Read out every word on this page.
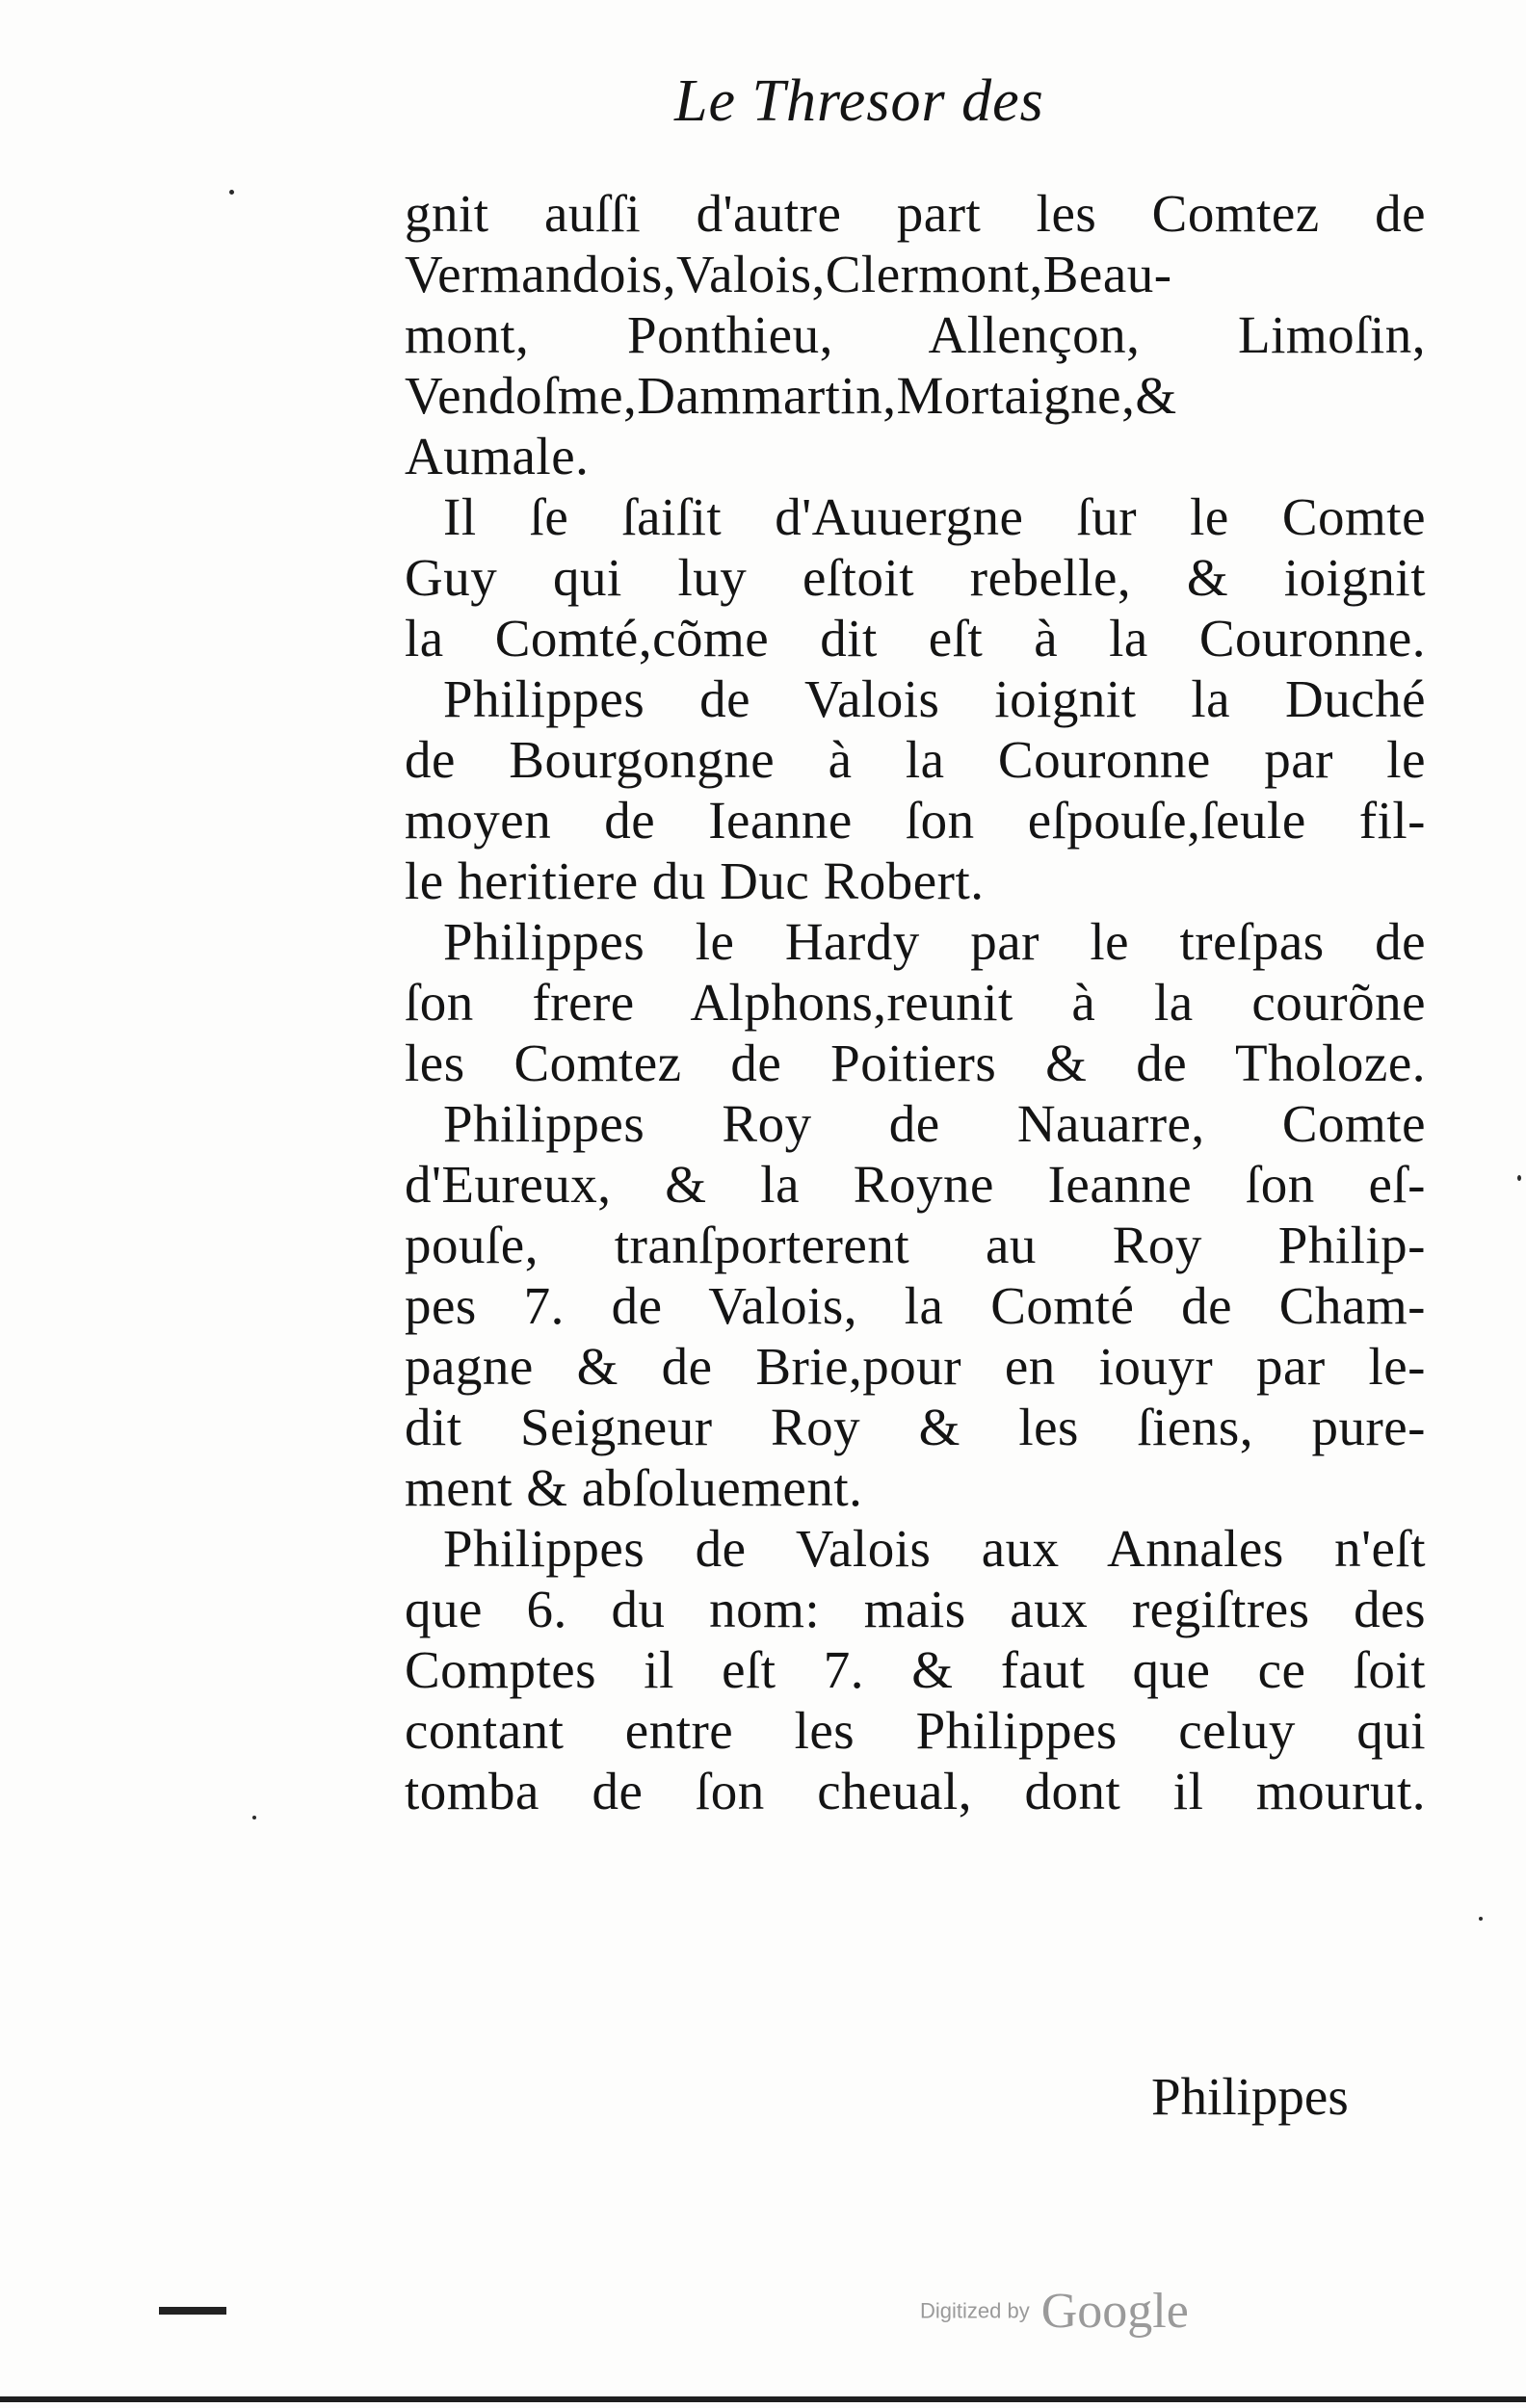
Le Thresor des
gnit auſſi d'autre part les Comtez de
Vermandois,Valois,Clermont,Beau-
mont, Ponthieu, Allençon, Limoſin,
Vendoſme,Dammartin,Mortaigne,&
Aumale.
Il ſe ſaiſit d'Auuergne ſur le Comte
Guy qui luy eſtoit rebelle, & ioignit
la Comté,cõme dit eſt à la Couronne.
Philippes de Valois ioignit la Duché
de Bourgongne à la Couronne par le
moyen de Ieanne ſon eſpouſe,ſeule fil-
le heritiere du Duc Robert.
Philippes le Hardy par le treſpas de
ſon frere Alphons,reunit à la courõne
les Comtez de Poitiers & de Tholoze.
Philippes Roy de Nauarre, Comte
d'Eureux, & la Royne Ieanne ſon eſ-
pouſe, tranſporterent au Roy Philip-
pes 7. de Valois, la Comté de Cham-
pagne & de Brie,pour en iouyr par le-
dit Seigneur Roy & les ſiens, pure-
ment & abſoluement.
Philippes de Valois aux Annales n'eſt
que 6. du nom: mais aux regiſtres des
Comptes il eſt 7. & faut que ce ſoit
contant entre les Philippes celuy qui
tomba de ſon cheual, dont il mourut.
Philippes
Digitized by Google
